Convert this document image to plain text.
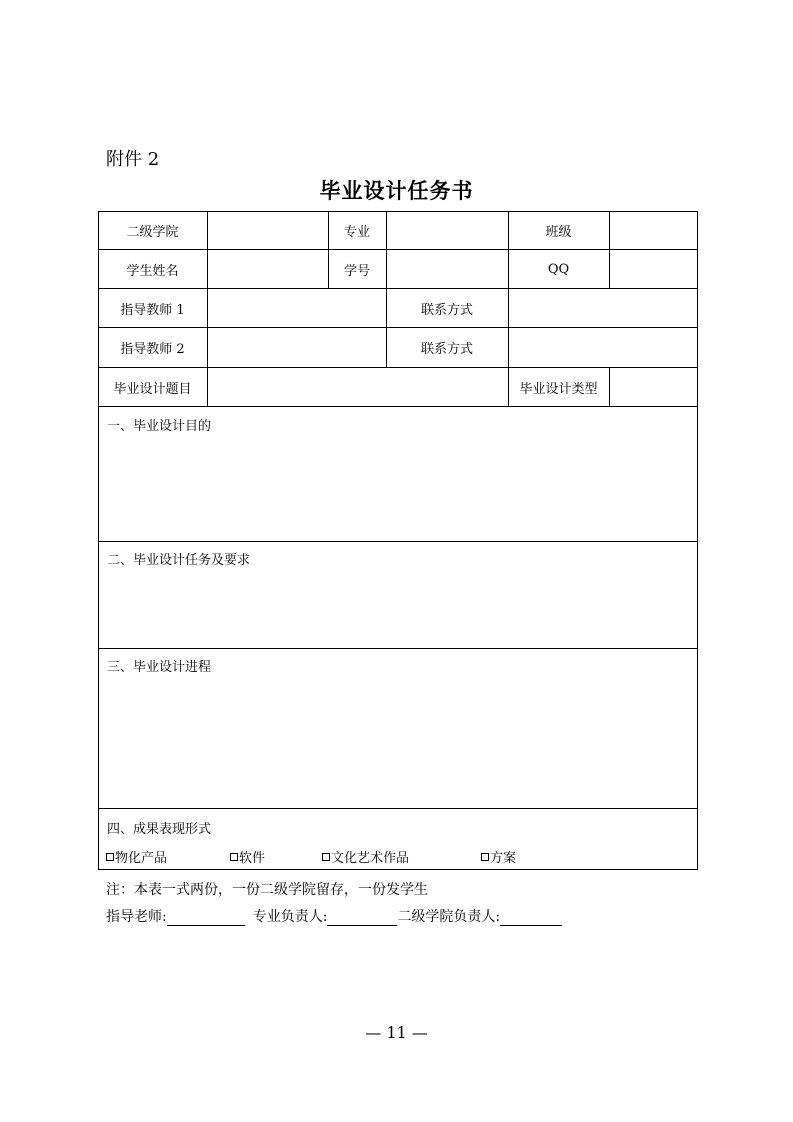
附件 2
毕业设计任务书
二级学院	专业	班级
学生姓名	学号	QQ
指导教师 1	联系方式
指导教师 2	联系方式
毕业设计题目	毕业设计类型
一、毕业设计目的
二、毕业设计任务及要求
三、毕业设计进程
四、成果表现形式
物化产品	软件	文化艺术作品	方案
注：本表一式两份，一份二级学院留存，一份发学生
指导老师:	专业负责人:	二级学院负责人:
— 11 —
